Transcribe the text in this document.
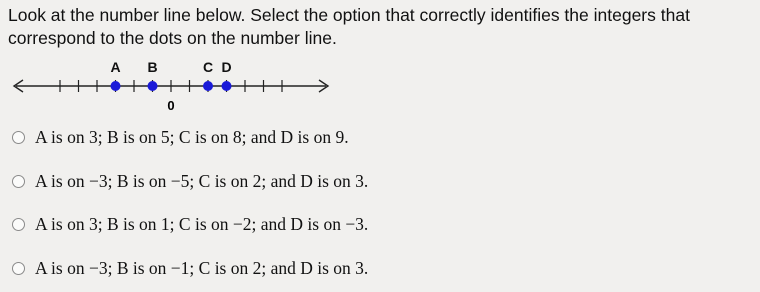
Look at the number line below. Select the option that correctly identifies the integers that correspond to the dots on the number line.
A B	C D
0
A is on 3; B is on 5; C is on 8; and D is on 9.
A is on −3; B is on −5; C is on 2; and D is on 3.
A is on 3; B is on 1; C is on −2; and D is on −3.
A is on −3; B is on −1; C is on 2; and D is on 3.
